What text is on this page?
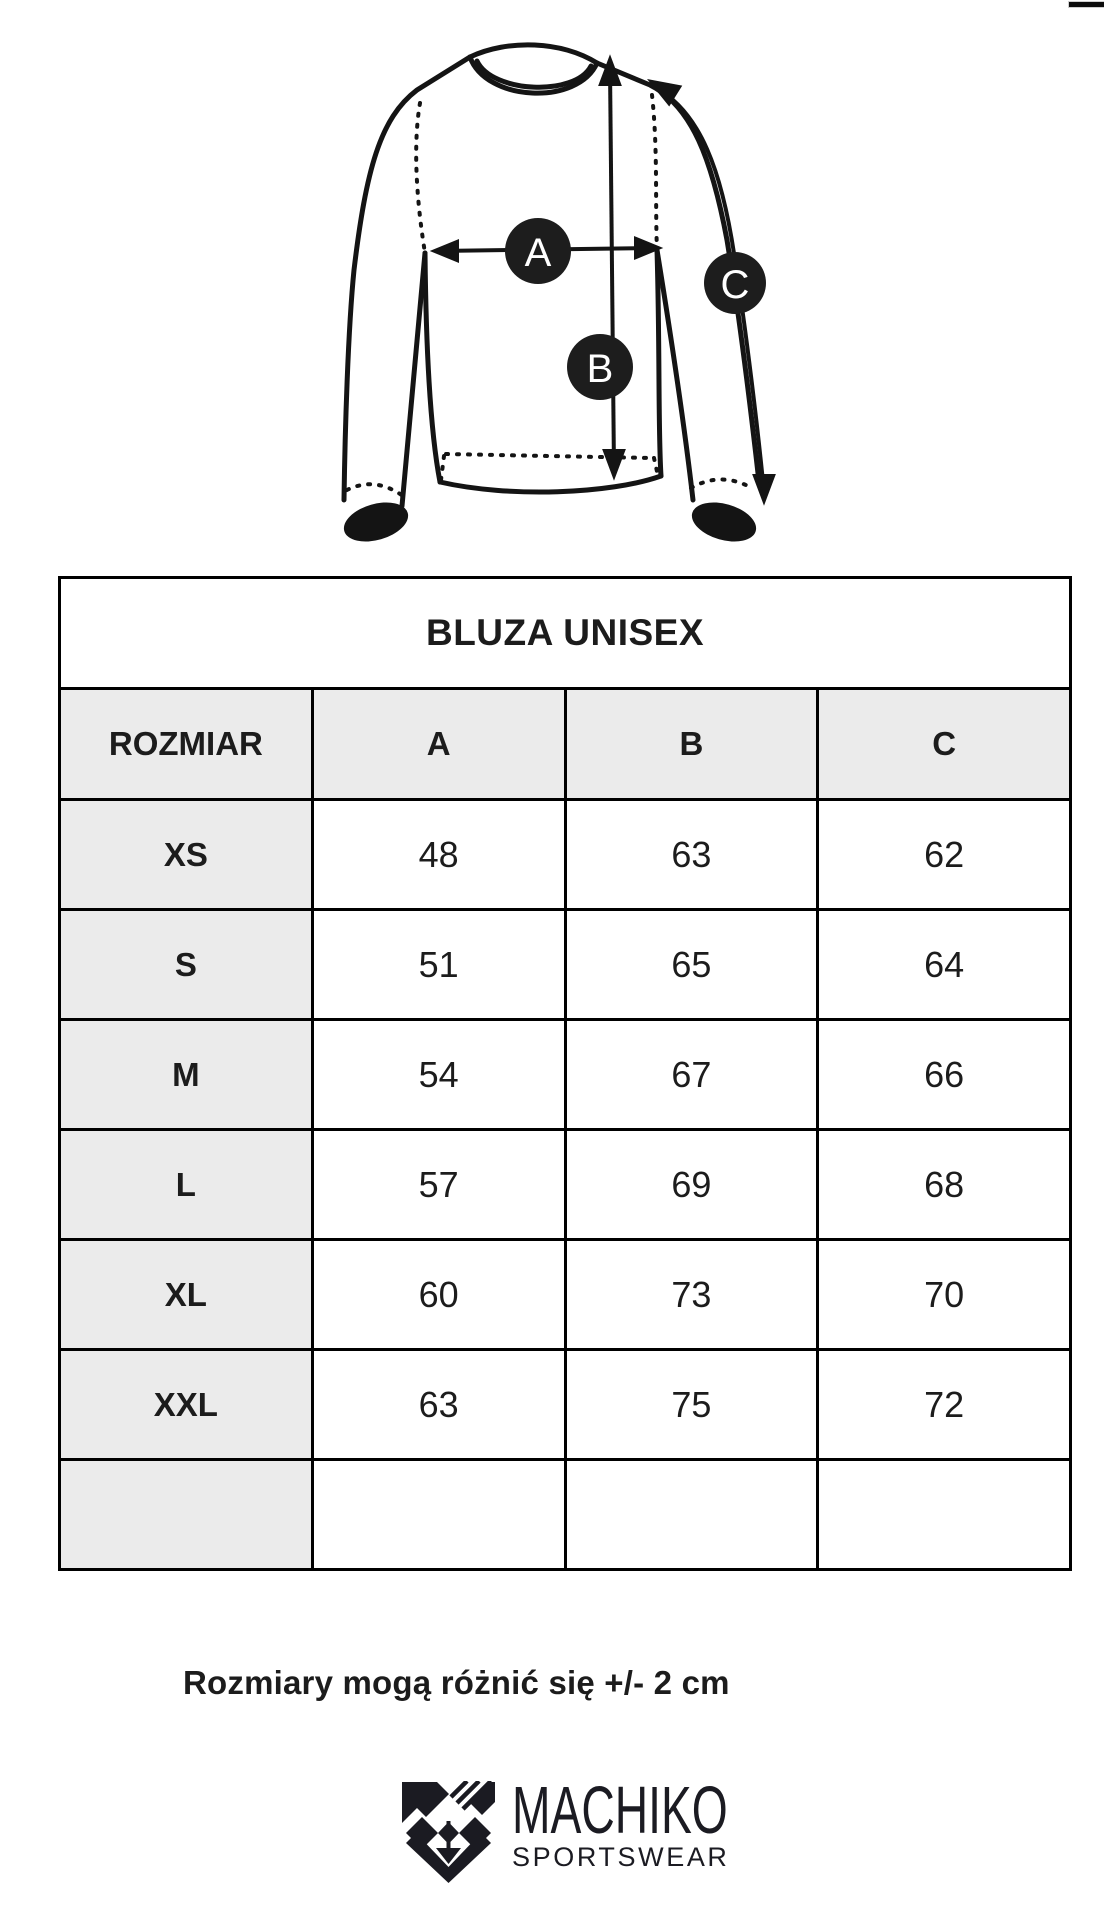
A
B
C
BLUZA UNISEX			
ROZMIAR	A	B	C
XS	48	63	62
S	51	65	64
M	54	67	66
L	57	69	68
XL	60	73	70
XXL	63	75	72

Rozmiary mogą różnić się +/- 2 cm
MACHIKO
SPORTSWEAR
